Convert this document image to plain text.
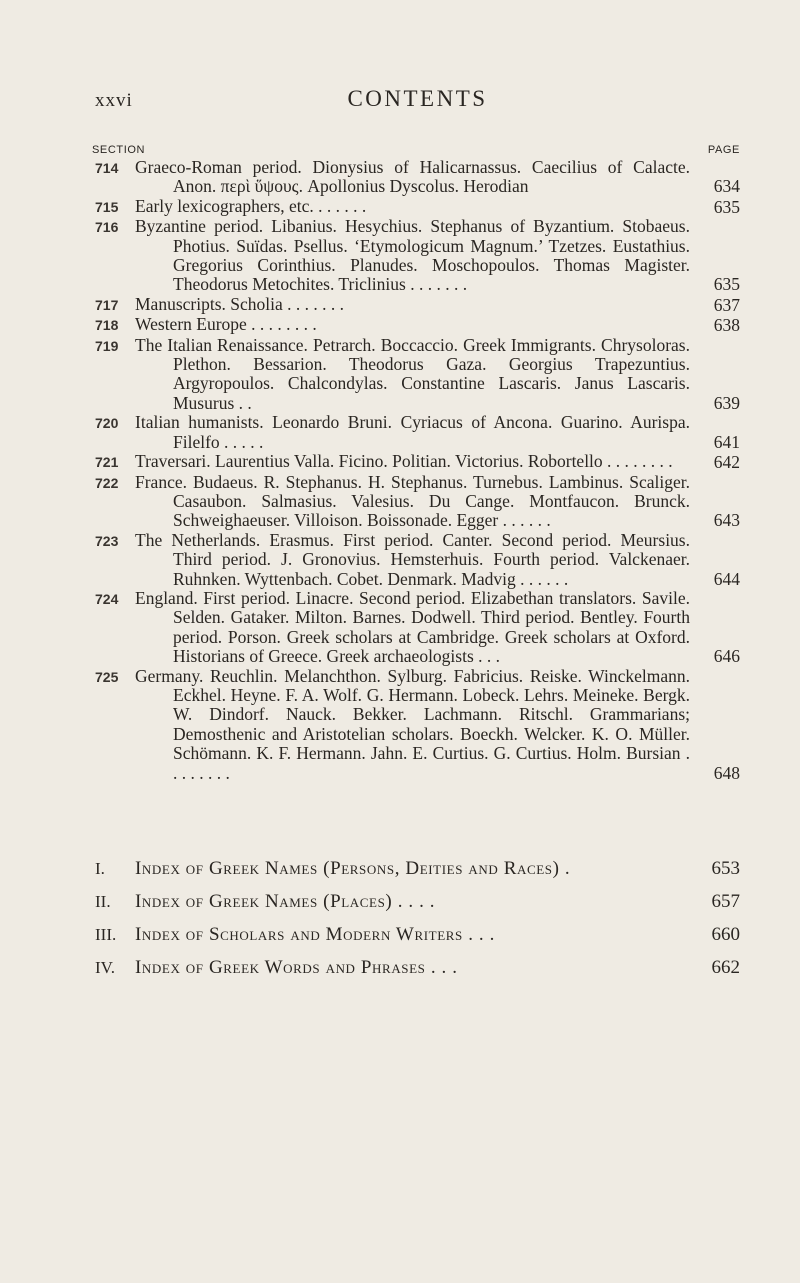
xxvi	CONTENTS
SECTION	PAGE
714 Graeco-Roman period. Dionysius of Halicarnassus. Caecilius of Calacte. Anon. περὶ ὕψους. Apollonius Dyscolus. Herodian	634
715 Early lexicographers, etc. . . . . . .	635
716 Byzantine period. Libanius. Hesychius. Stephanus of Byzantium. Stobaeus. Photius. Suïdas. Psellus. ‘Etymologicum Magnum.’ Tzetzes. Eustathius. Gregorius Corinthius. Planudes. Moschopoulos. Thomas Magister. Theodorus Metochites. Triclinius . . . . . . .	635
717 Manuscripts. Scholia . . . . . . .	637
718 Western Europe . . . . . . . .	638
719 The Italian Renaissance. Petrarch. Boccaccio. Greek Immigrants. Chrysoloras. Plethon. Bessarion. Theodorus Gaza. Georgius Trapezuntius. Argyropoulos. Chalcondylas. Constantine Lascaris. Janus Lascaris. Musurus . .	639
720 Italian humanists. Leonardo Bruni. Cyriacus of Ancona. Guarino. Aurispa. Filelfo . . . . .	641
721 Traversari. Laurentius Valla. Ficino. Politian. Victorius. Robortello . . . . . . . .	642
722 France. Budaeus. R. Stephanus. H. Stephanus. Turnebus. Lambinus. Scaliger. Casaubon. Salmasius. Valesius. Du Cange. Montfaucon. Brunck. Schweighaeuser. Villoison. Boissonade. Egger . . . . . .	643
723 The Netherlands. Erasmus. First period. Canter. Second period. Meursius. Third period. J. Gronovius. Hemsterhuis. Fourth period. Valckenaer. Ruhnken. Wyttenbach. Cobet. Denmark. Madvig . . . . . .	644
724 England. First period. Linacre. Second period. Elizabethan translators. Savile. Selden. Gataker. Milton. Barnes. Dodwell. Third period. Bentley. Fourth period. Porson. Greek scholars at Cambridge. Greek scholars at Oxford. Historians of Greece. Greek archaeologists . . .	646
725 Germany. Reuchlin. Melanchthon. Sylburg. Fabricius. Reiske. Winckelmann. Eckhel. Heyne. F. A. Wolf. G. Hermann. Lobeck. Lehrs. Meineke. Bergk. W. Dindorf. Nauck. Bekker. Lachmann. Ritschl. Grammarians; Demosthenic and Aristotelian scholars. Boeckh. Welcker. K. O. Müller. Schömann. K. F. Hermann. Jahn. E. Curtius. G. Curtius. Holm. Bursian . . . . . . . .	648
I.	Index of Greek Names (Persons, Deities and Races) .	653
II.	Index of Greek Names (Places) . . . .	657
III. Index of Scholars and Modern Writers . . .	660
IV.	Index of Greek Words and Phrases . . .	662
